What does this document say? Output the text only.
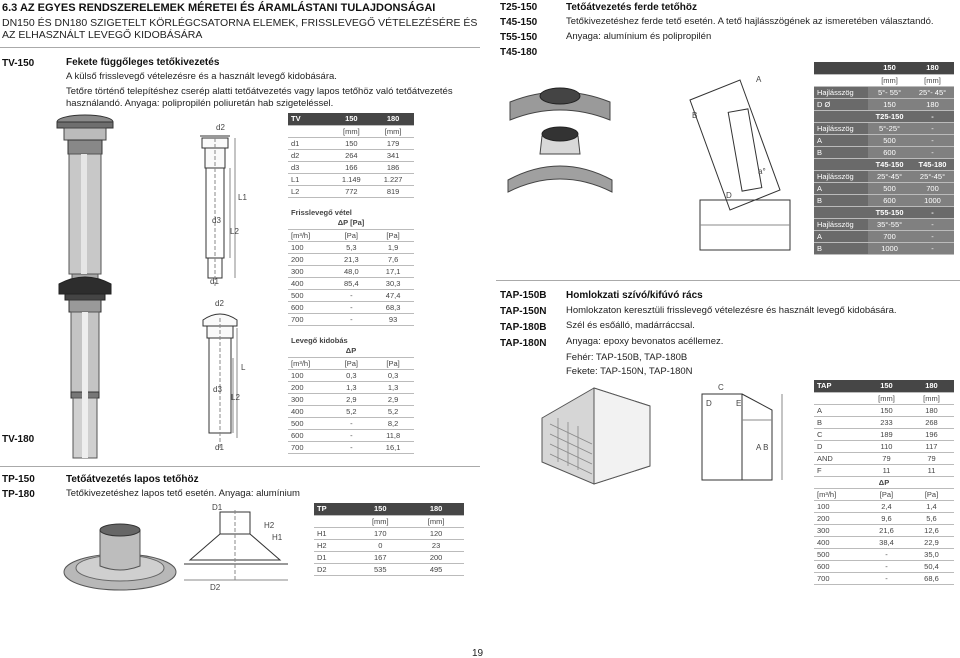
6.3 AZ EGYES RENDSZERELEMEK MÉRETEI ÉS ÁRAMLÁSTANI TULAJDONSÁGAI
DN150 ÉS DN180 SZIGETELT KÖRLÉGCSATORNA ELEMEK, FRISSLEVEGŐ VÉTELEZÉSÉRE ÉS AZ ELHASZNÁLT LEVEGŐ KIDOBÁSÁRA
TV-150	Fekete függőleges tetőkivezetés
A külső frisslevegő vételezésre és a használt levegő kidobására.
Tetőre történő telepítéshez cserép alatti tetőátvezetés vagy lapos tetőhöz való tetőátvezetés használandó. Anyaga: polipropilén poliuretán hab szigeteléssel.
TV-180
d2
d3
d1
L1
L2
d2
d3
d1
L
L2
TV	150	180
	[mm]	[mm]
d1	150	179
d2	264	341
d3	166	186
L1	1.149	1.227
L2	772	819
Frisslevegő vétel		
ΔP [Pa]		
[m³/h]	[Pa]	[Pa]
100	5,3	1,9
200	21,3	7,6
300	48,0	17,1
400	85,4	30,3
500	-	47,4
600	-	68,3
700	-	93
Levegő kidobás		
ΔP		
[m³/h]	[Pa]	[Pa]
100	0,3	0,3
200	1,3	1,3
300	2,9	2,9
400	5,2	5,2
500	-	8,2
600	-	11,8
700	-	16,1
TP-150
TP-180
Tetőátvezetés lapos tetőhöz
Tetőkivezetéshez lapos tető esetén. Anyaga: alumínium
D1
H2
H1
D2
TP	150	180
	[mm]	[mm]
H1	170	120
H2	0	23
D1	167	200
D2	535	495
T25-150
T45-150
T55-150
T45-180
Tetőátvezetés ferde tetőhöz
Tetőkivezetéshez ferde tető esetén. A tető hajlásszögének az ismeretében választandó.
Anyaga: alumínium és polipropilén
A
B
D
a°
	150	180
	[mm]	[mm]
Hajlásszög	5°- 55°	25°- 45°
D Ø	150	180
	T25-150	-
Hajlásszög	5°-25°	-
A	500	-
B	600	-
	T45-150	T45-180
Hajlásszög	25°-45°	25°-45°
A	500	700
B	600	1000
	T55-150	-
Hajlásszög	35°-55°	-
A	700	-
B	1000	-
TAP-150B
TAP-150N
TAP-180B
TAP-180N
Homlokzati szívó/kifúvó rács
Homlokzaton keresztüli frisslevegő vételezésre és használt levegő kidobására.
Szél és esőálló, madárráccsal.
Anyaga: epoxy bevonatos acéllemez.
Fehér: TAP-150B, TAP-180B
Fekete: TAP-150N, TAP-180N
C
D	E
A B
TAP	150	180
	[mm]	[mm]
A	150	180
B	233	268
C	189	196
D	110	117
AND	79	79
F	11	11
ΔP		
[m³/h]	[Pa]	[Pa]
100	2,4	1,4
200	9,6	5,6
300	21,6	12,6
400	38,4	22,9
500	-	35,0
600	-	50,4
700	-	68,6
19
